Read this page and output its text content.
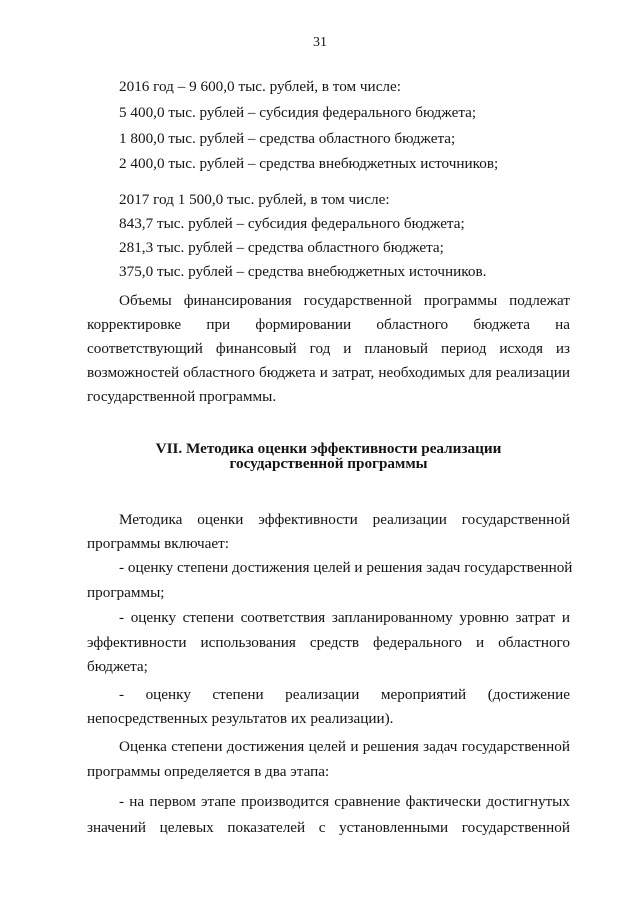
31
2016 год – 9 600,0 тыс. рублей, в том числе:
5 400,0 тыс. рублей – субсидия федерального бюджета;
1 800,0 тыс. рублей – средства областного бюджета;
2 400,0 тыс. рублей – средства внебюджетных источников;
2017 год 1 500,0 тыс. рублей, в том числе:
843,7 тыс. рублей – субсидия федерального бюджета;
281,3 тыс. рублей – средства областного бюджета;
375,0 тыс. рублей – средства внебюджетных источников.
Объемы финансирования государственной программы подлежат
корректировке при формировании областного бюджета на
соответствующий финансовый год и плановый период исходя из
возможностей областного бюджета и затрат, необходимых для реализации
государственной программы.
VII. Методика оценки эффективности реализации
государственной программы
Методика оценки эффективности реализации государственной
программы включает:
- оценку степени достижения целей и решения задач государственной
программы;
- оценку степени соответствия запланированному уровню затрат и
эффективности использования средств федерального и областного
бюджета;
- оценку степени реализации мероприятий (достижение
непосредственных результатов их реализации).
Оценка степени достижения целей и решения задач государственной
программы определяется в два этапа:
- на первом этапе производится сравнение фактически достигнутых
значений целевых показателей с установленными государственной
